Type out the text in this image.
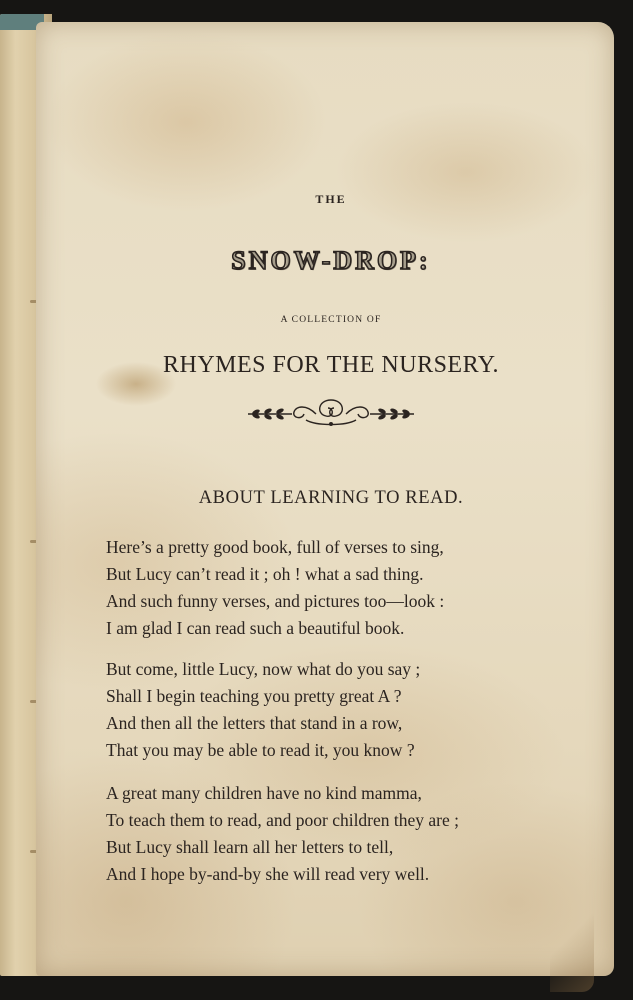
THE
SNOW-DROP:
A COLLECTION OF
RHYMES FOR THE NURSERY.
ABOUT LEARNING TO READ.
Here’s a pretty good book, full of verses to sing,
But Lucy can’t read it ; oh ! what a sad thing.
And such funny verses, and pictures too—look :
I am glad I can read such a beautiful book.
But come, little Lucy, now what do you say ;
Shall I begin teaching you pretty great A ?
And then all the letters that stand in a row,
That you may be able to read it, you know ?
A great many children have no kind mamma,
To teach them to read, and poor children they are ;
But Lucy shall learn all her letters to tell,
And I hope by-and-by she will read very well.
